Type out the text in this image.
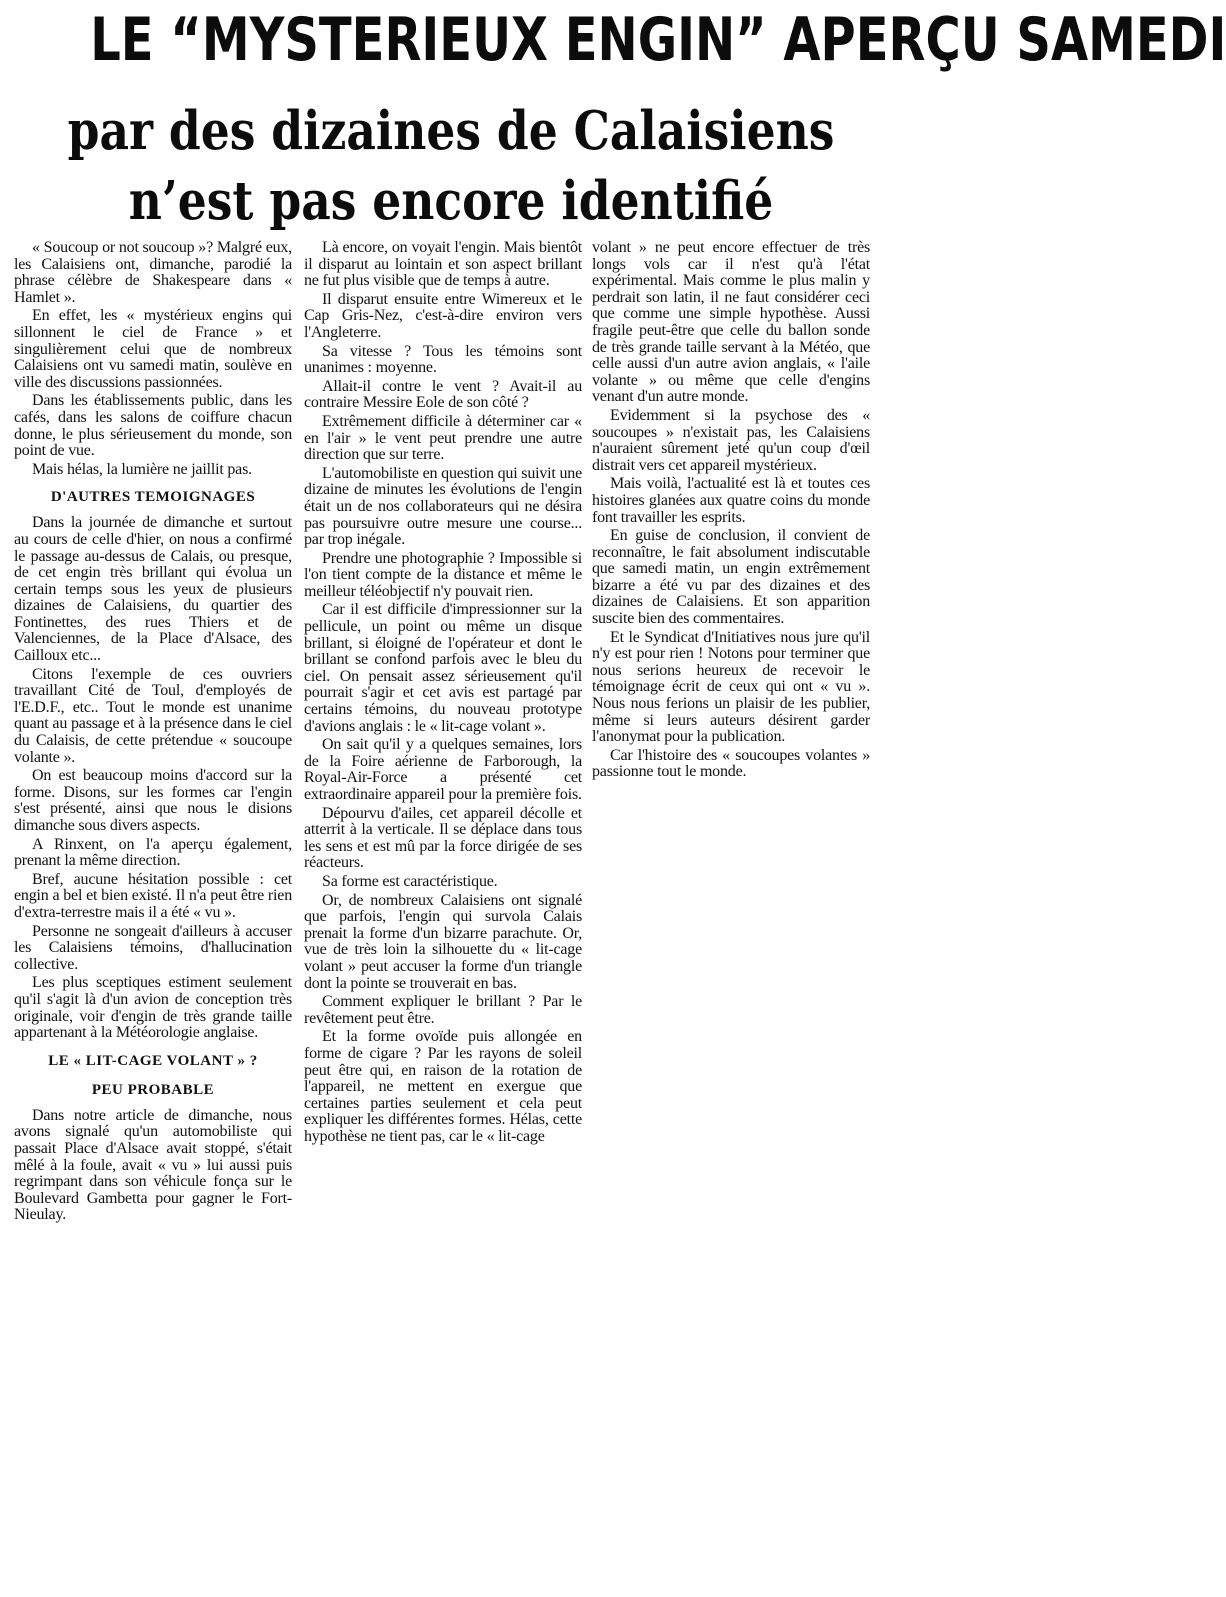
LE “MYSTERIEUX ENGIN” APERÇU SAMEDI
par des dizaines de Calaisiens
n’est pas encore identifié

« Soucoup or not soucoup »? Malgré eux, les Calaisiens ont, dimanche, parodié la phrase célèbre de Shakespeare dans « Hamlet ».

En effet, les « mystérieux engins qui sillonnent le ciel de France » et singulièrement celui que de nombreux Calaisiens ont vu samedi matin, soulève en ville des discussions passionnées.

Dans les établissements public, dans les cafés, dans les salons de coiffure chacun donne, le plus sérieusement du monde, son point de vue.

Mais hélas, la lumière ne jaillit pas.

D'AUTRES TEMOIGNAGES

Dans la journée de dimanche et surtout au cours de celle d'hier, on nous a confirmé le passage au-dessus de Calais, ou presque, de cet engin très brillant qui évolua un certain temps sous les yeux de plusieurs dizaines de Calaisiens, du quartier des Fontinettes, des rues Thiers et de Valenciennes, de la Place d'Alsace, des Cailloux etc...

Citons l'exemple de ces ouvriers travaillant Cité de Toul, d'employés de l'E.D.F., etc.. Tout le monde est unanime quant au passage et à la présence dans le ciel du Calaisis, de cette prétendue « soucoupe volante ».

On est beaucoup moins d'accord sur la forme. Disons, sur les formes car l'engin s'est présenté, ainsi que nous le disions dimanche sous divers aspects.

A Rinxent, on l'a aperçu également, prenant la même direction.

Bref, aucune hésitation possible : cet engin a bel et bien existé. Il n'a peut être rien d'extra-terrestre mais il a été « vu ».

Personne ne songeait d'ailleurs à accuser les Calaisiens témoins, d'hallucination collective.

Les plus sceptiques estiment seulement qu'il s'agit là d'un avion de conception très originale, voir d'engin de très grande taille appartenant à la Météorologie anglaise.

LE « LIT-CAGE VOLANT » ?
PEU PROBABLE

Dans notre article de dimanche, nous avons signalé qu'un automobiliste qui passait Place d'Alsace avait stoppé, s'était mêlé à la foule, avait « vu » lui aussi puis regrimpant dans son véhicule fonça sur le Boulevard Gambetta pour gagner le Fort-Nieulay.

Là encore, on voyait l'engin. Mais bientôt il disparut au lointain et son aspect brillant ne fut plus visible que de temps à autre.

Il disparut ensuite entre Wimereux et le Cap Gris-Nez, c'est-à-dire environ vers l'Angleterre.

Sa vitesse ? Tous les témoins sont unanimes : moyenne.

Allait-il contre le vent ? Avait-il au contraire Messire Eole de son côté ?

Extrêmement difficile à déterminer car « en l'air » le vent peut prendre une autre direction que sur terre.

L'automobiliste en question qui suivit une dizaine de minutes les évolutions de l'engin était un de nos collaborateurs qui ne désira pas poursuivre outre mesure une course... par trop inégale.

Prendre une photographie ? Impossible si l'on tient compte de la distance et même le meilleur téléobjectif n'y pouvait rien.

Car il est difficile d'impressionner sur la pellicule, un point ou même un disque brillant, si éloigné de l'opérateur et dont le brillant se confond parfois avec le bleu du ciel. On pensait assez sérieusement qu'il pourrait s'agir et cet avis est partagé par certains témoins, du nouveau prototype d'avions anglais : le « lit-cage volant ».

On sait qu'il y a quelques semaines, lors de la Foire aérienne de Farborough, la Royal-Air-Force a présenté cet extraordinaire appareil pour la première fois.

Dépourvu d'ailes, cet appareil décolle et atterrit à la verticale. Il se déplace dans tous les sens et est mû par la force dirigée de ses réacteurs.

Sa forme est caractéristique.

Or, de nombreux Calaisiens ont signalé que parfois, l'engin qui survola Calais prenait la forme d'un bizarre parachute. Or, vue de très loin la silhouette du « lit-cage volant » peut accuser la forme d'un triangle dont la pointe se trouverait en bas.

Comment expliquer le brillant ? Par le revêtement peut être.

Et la forme ovoïde puis allongée en forme de cigare ? Par les rayons de soleil peut être qui, en raison de la rotation de l'appareil, ne mettent en exergue que certaines parties seulement et cela peut expliquer les différentes formes. Hélas, cette hypothèse ne tient pas, car le « lit-cage

volant » ne peut encore effectuer de très longs vols car il n'est qu'à l'état expérimental. Mais comme le plus malin y perdrait son latin, il ne faut considérer ceci que comme une simple hypothèse. Aussi fragile peut-être que celle du ballon sonde de très grande taille servant à la Météo, que celle aussi d'un autre avion anglais, « l'aile volante » ou même que celle d'engins venant d'un autre monde.

Evidemment si la psychose des « soucoupes » n'existait pas, les Calaisiens n'auraient sûrement jeté qu'un coup d'œil distrait vers cet appareil mystérieux.

Mais voilà, l'actualité est là et toutes ces histoires glanées aux quatre coins du monde font travailler les esprits.

En guise de conclusion, il convient de reconnaître, le fait absolument indiscutable que samedi matin, un engin extrêmement bizarre a été vu par des dizaines et des dizaines de Calaisiens. Et son apparition suscite bien des commentaires.

Et le Syndicat d'Initiatives nous jure qu'il n'y est pour rien ! Notons pour terminer que nous serions heureux de recevoir le témoignage écrit de ceux qui ont « vu ». Nous nous ferions un plaisir de les publier, même si leurs auteurs désirent garder l'anonymat pour la publication.

Car l'histoire des « soucoupes volantes » passionne tout le monde.
